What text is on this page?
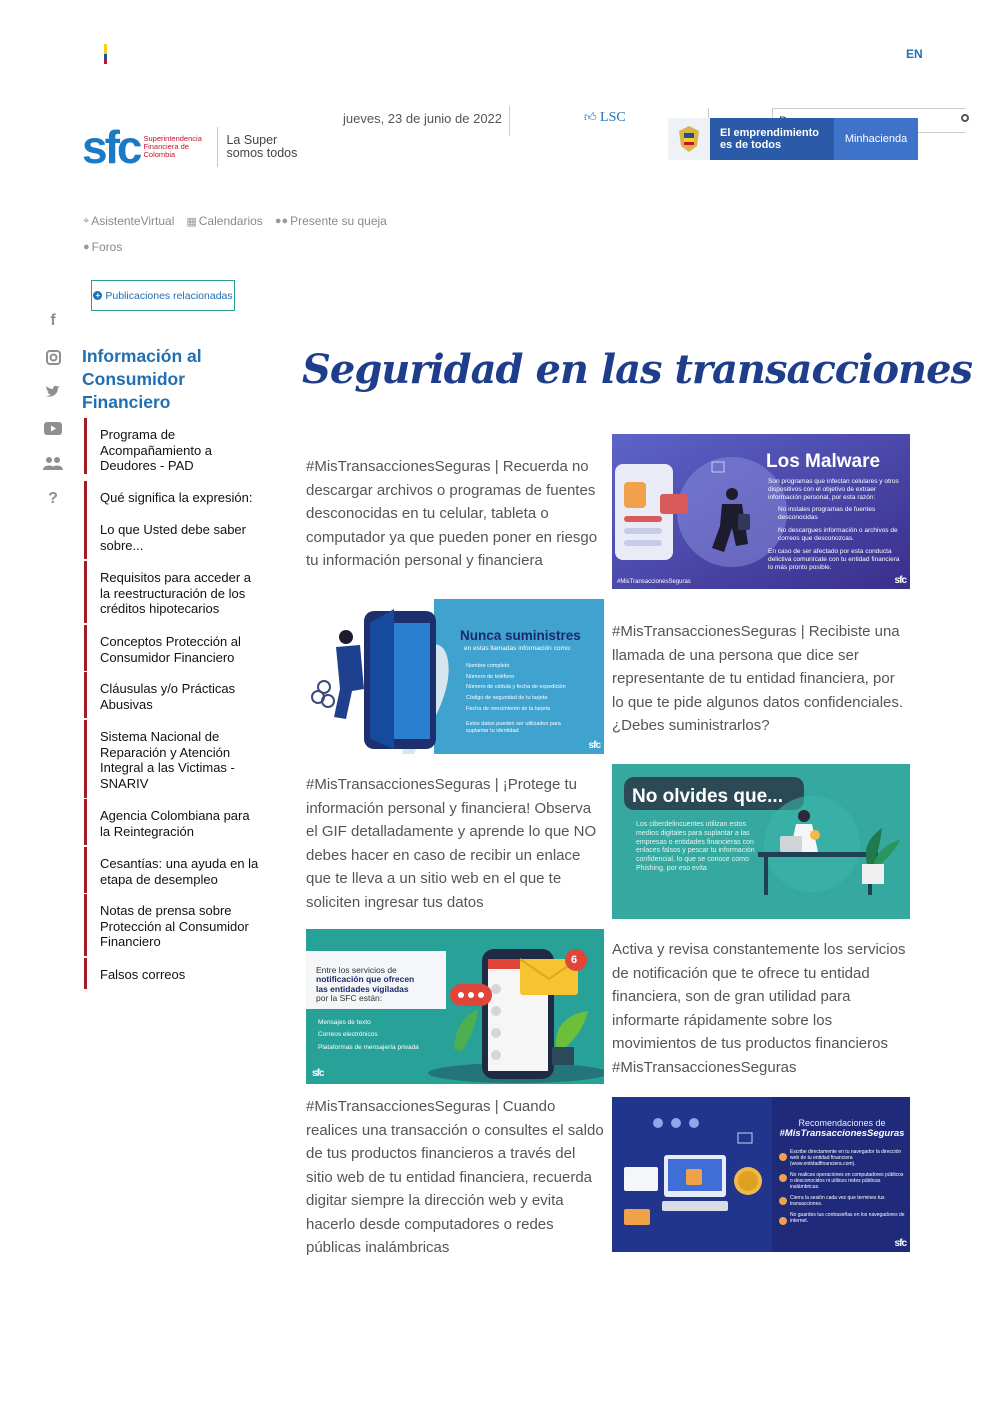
EN
sfc Superintendencia Financiera de Colombia
La Super
somos todos
jueves, 23 de junio de 2022	👍︎ LSC
Buscar...
El emprendimiento
es de todos	Minhacienda
⌖ AsistenteVirtual ▦ Calendarios ●● Presente su queja
● Foros
+ Publicaciones relacionadas
f
?
Información al Consumidor Financiero
Programa de Acompañamiento a Deudores - PAD
Qué significa la expresión:
Lo que Usted debe saber sobre...
Requisitos para acceder a la reestructuración de los créditos hipotecarios
Conceptos Protección al Consumidor Financiero
Cláusulas y/o Prácticas Abusivas
Sistema Nacional de Reparación y Atención Integral a las Victimas - SNARIV
Agencia Colombiana para la Reintegración
Cesantías: una ayuda en la etapa de desempleo
Notas de prensa sobre Protección al Consumidor Financiero
Falsos correos
Seguridad en las transacciones

#MisTransaccionesSeguras | Recuerda no descargar archivos o programas de fuentes desconocidas en tu celular, tableta o computador ya que pueden poner en riesgo tu información personal y financiera

Los Malware
Son programas que infectan celulares y otros dispositivos con el objetivo de extraer información personal, por esta razón:
No instales programas de fuentes desconocidas
No descargues información o archivos de correos que desconozcas.
En caso de ser afectado por esta conducta delictiva comunícate con tu entidad financiera lo más pronto posible.
#MisTransaccionesSeguras	sfc
Nunca suministres
en estas llamadas información como:
Nombre completo
Número de teléfono
Número de cédula y fecha de expedición
Código de seguridad de tu tarjeta
Fecha de vencimiento de la tarjeta
Estos datos pueden ser utilizados para suplantar tu identidad
sfc

#MisTransaccionesSeguras | Recibiste una llamada de una persona que dice ser representante de tu entidad financiera, por lo que te pide algunos datos confidenciales. ¿Debes suministrarlos?

#MisTransaccionesSeguras | ¡Protege tu información personal y financiera! Observa el GIF detalladamente y aprende lo que NO debes hacer en caso de recibir un enlace que te lleva a un sitio web en el que te soliciten ingresar tus datos

No olvides que...
Los ciberdelincuentes utilizan estos medios digitales para suplantar a las empresas o entidades financieras con enlaces falsos y pescar tu información confidencial, lo que se conoce como Phishing, por eso evita
Entre los servicios de
notificación que ofrecen
las entidades vigiladas
por la SFC están:
Mensajes de texto
Correos electrónicos
Plataformas de mensajería privada
6
sfc

Activa y revisa constantemente los servicios de notificación que te ofrece tu entidad financiera, son de gran utilidad para informarte rápidamente sobre los movimientos de tus productos financieros #MisTransaccionesSeguras

#MisTransaccionesSeguras | Cuando realices una transacción o consultes el saldo de tus productos financieros a través del sitio web de tu entidad financiera, recuerda digitar siempre la dirección web y evita hacerlo desde computadores o redes públicas inalámbricas

Recomendaciones de
#MisTransaccionesSeguras
Escribe directamente en tu navegador la dirección web de tu entidad financiera (www.entidadfinanciera.com).
No realices operaciones en computadores públicos o desconocidos ni utilices redes públicas inalámbricas.
Cierra la sesión cada vez que termines tus transacciones.
No guardes tus contraseñas en los navegadores de internet.
sfc
